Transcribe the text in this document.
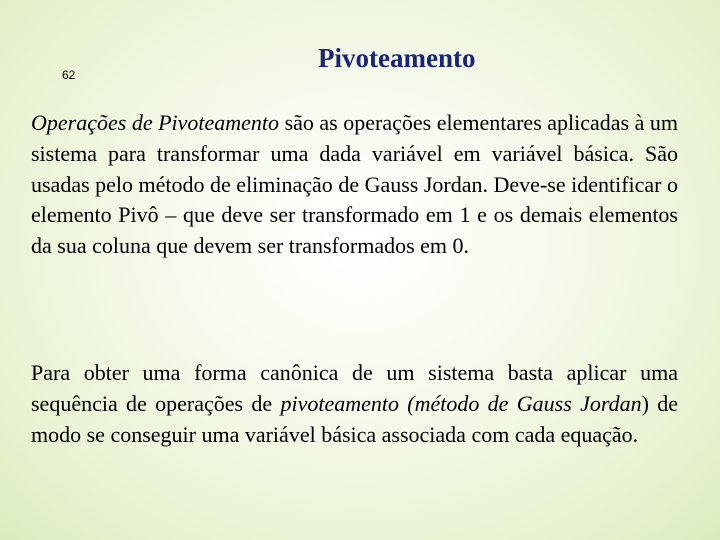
62
Pivoteamento

Operações de Pivoteamento são as operações elementares aplicadas à um sistema para transformar uma dada variável em variável básica. São usadas pelo método de eliminação de Gauss Jordan. Deve-se identificar o elemento Pivô – que deve ser transformado em 1 e os demais elementos da sua coluna que devem ser transformados em 0.

Para obter uma forma canônica de um sistema basta aplicar uma sequência de operações de pivoteamento (método de Gauss Jordan) de modo se conseguir uma variável básica associada com cada equação.
